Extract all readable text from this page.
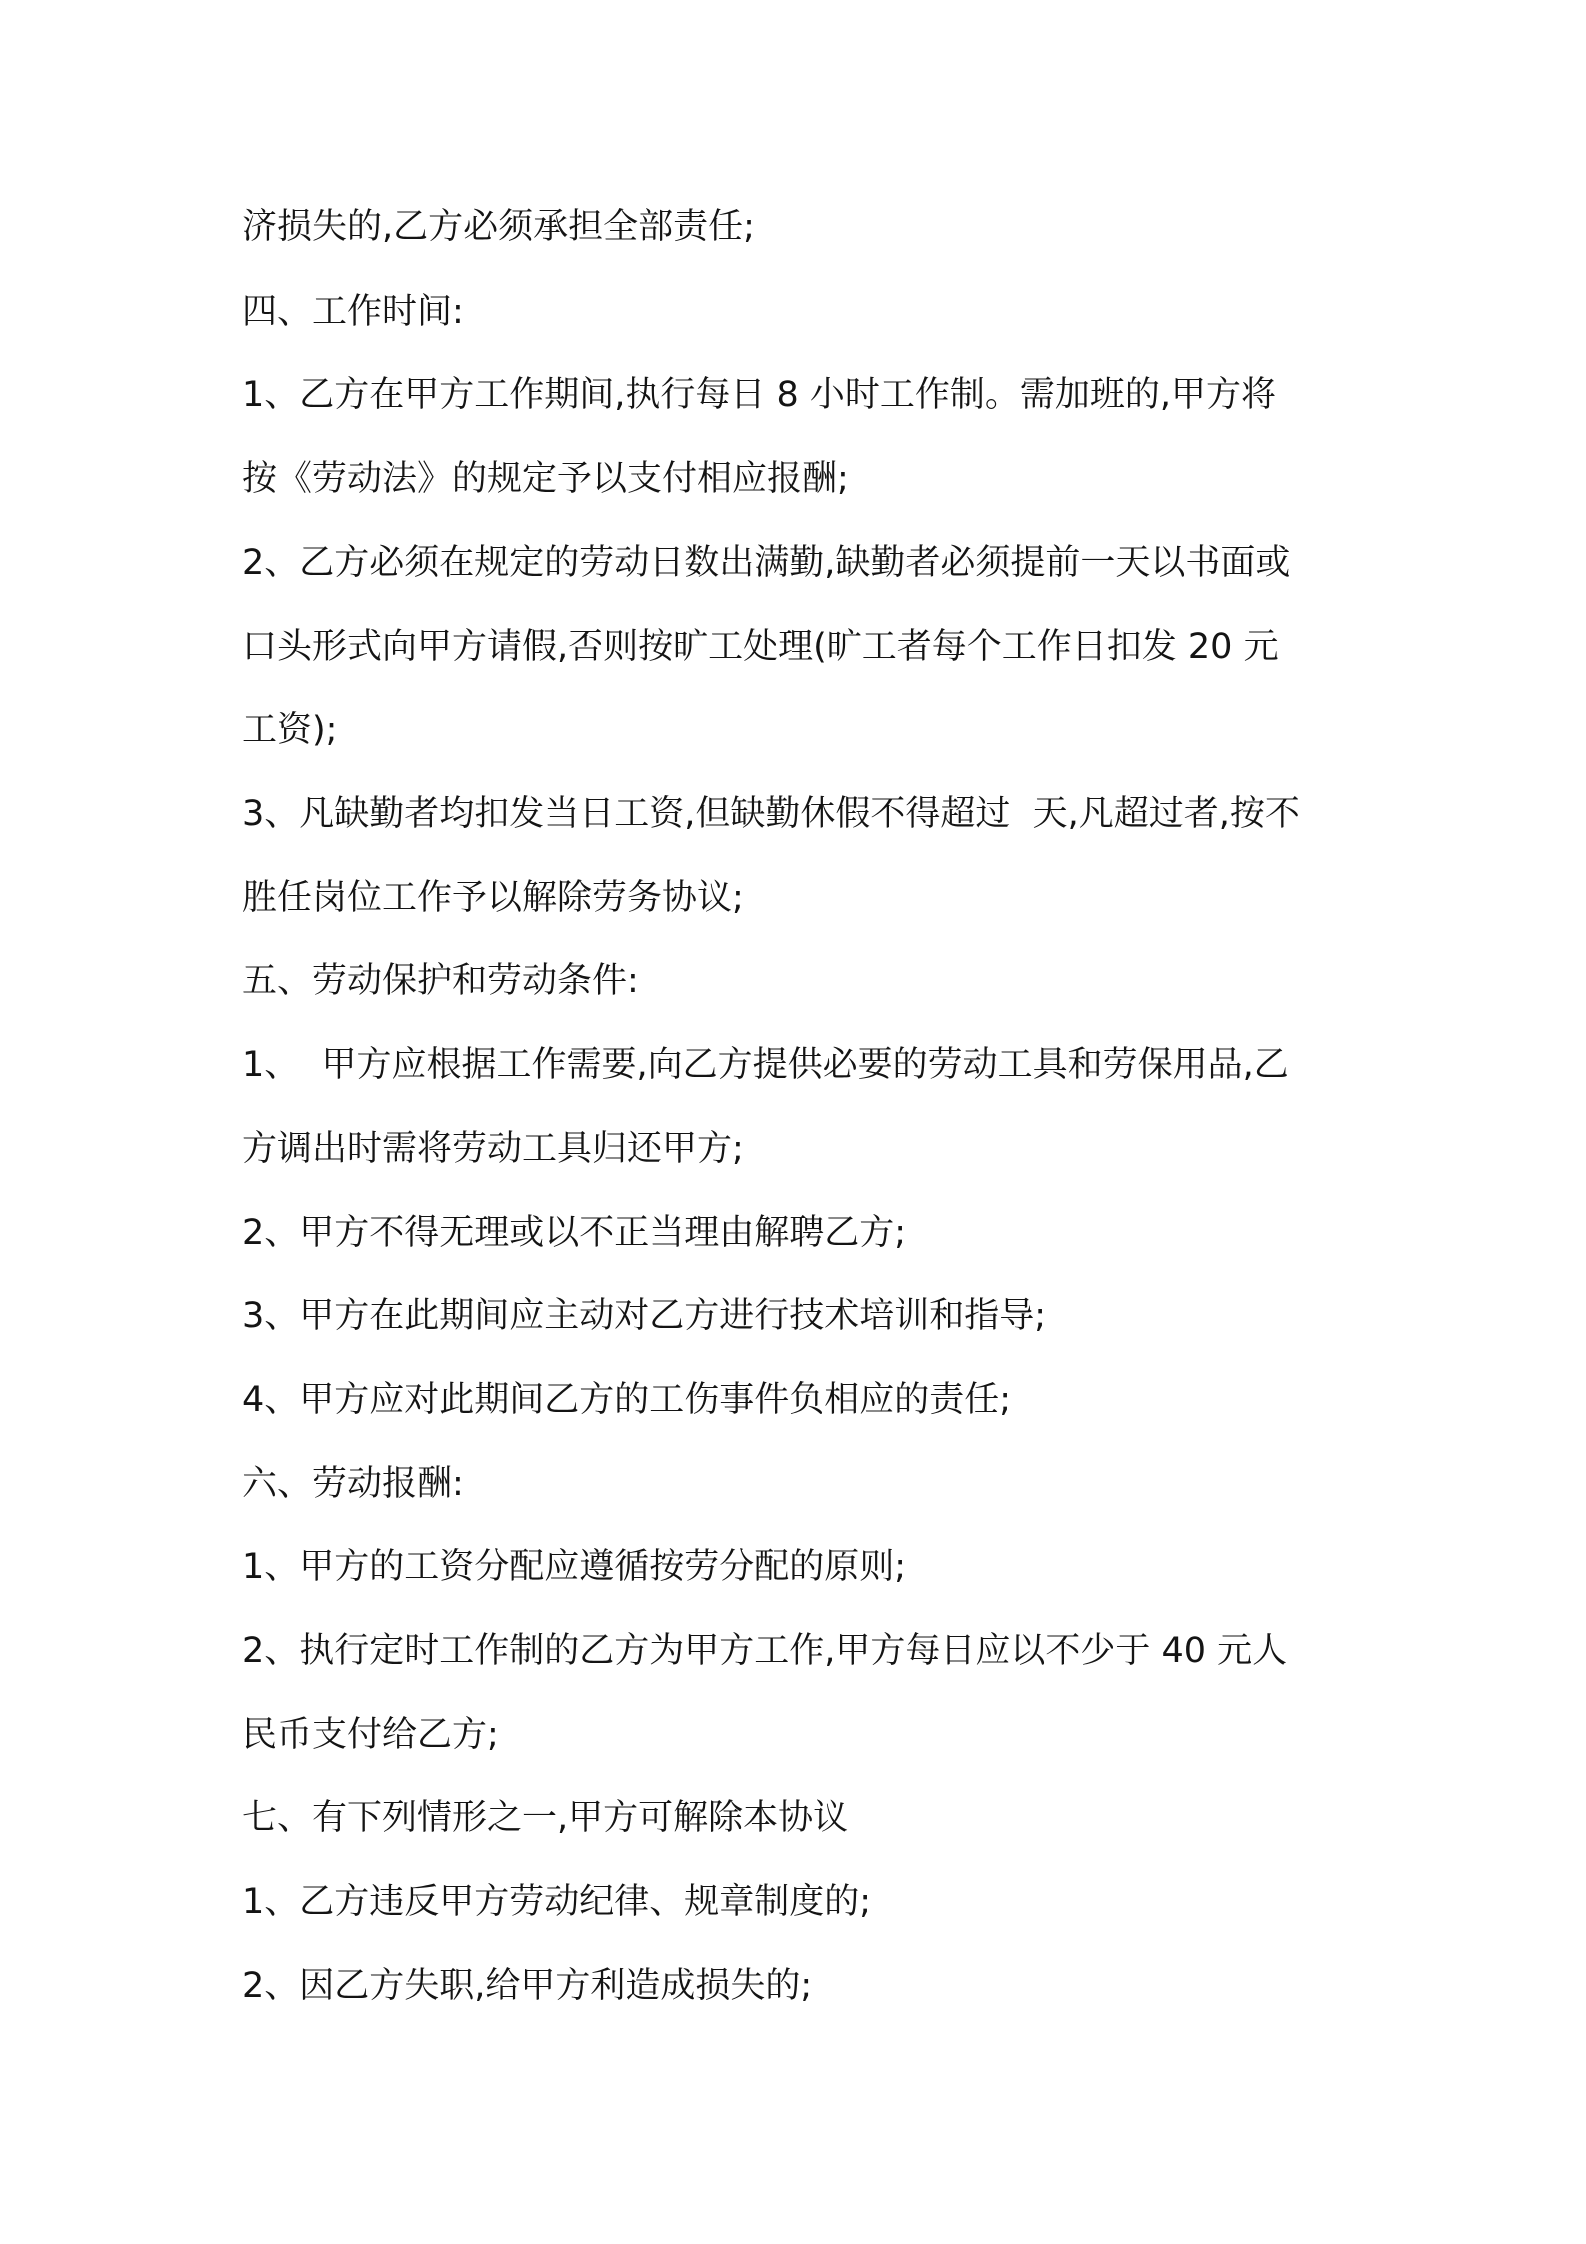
济损失的,乙方必须承担全部责任;
四、工作时间:
1、乙方在甲方工作期间,执行每日 8 小时工作制。需加班的,甲方将
按《劳动法》的规定予以支付相应报酬;
2、乙方必须在规定的劳动日数出满勤,缺勤者必须提前一天以书面或
口头形式向甲方请假,否则按旷工处理(旷工者每个工作日扣发 20 元
工资);
3、凡缺勤者均扣发当日工资,但缺勤休假不得超过  天,凡超过者,按不
胜任岗位工作予以解除劳务协议;
五、劳动保护和劳动条件:
1、  甲方应根据工作需要,向乙方提供必要的劳动工具和劳保用品,乙
方调出时需将劳动工具归还甲方;
2、甲方不得无理或以不正当理由解聘乙方;
3、甲方在此期间应主动对乙方进行技术培训和指导;
4、甲方应对此期间乙方的工伤事件负相应的责任;
六、劳动报酬:
1、甲方的工资分配应遵循按劳分配的原则;
2、执行定时工作制的乙方为甲方工作,甲方每日应以不少于 40 元人
民币支付给乙方;
七、有下列情形之一,甲方可解除本协议
1、乙方违反甲方劳动纪律、规章制度的;
2、因乙方失职,给甲方利造成损失的;
